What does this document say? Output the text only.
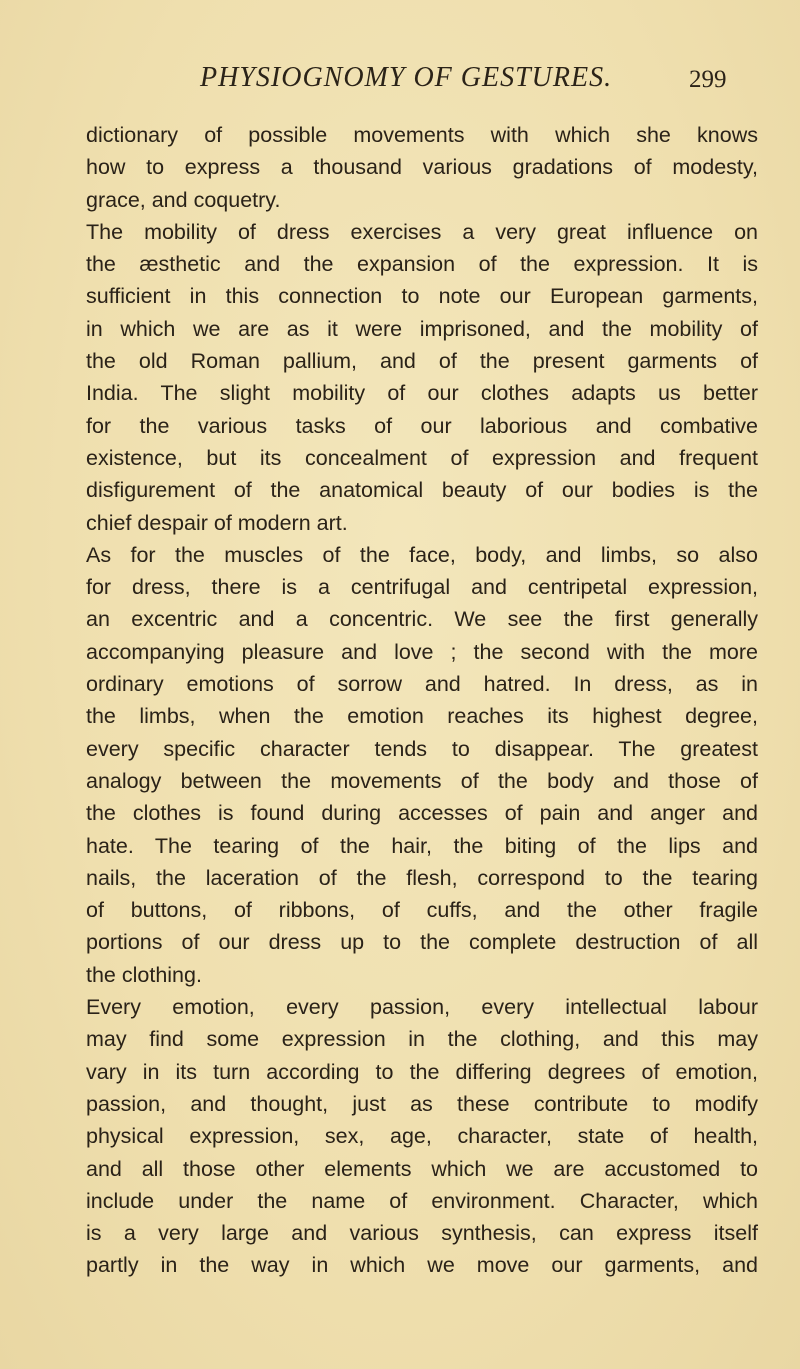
PHYSIOGNOMY OF GESTURES.	299
dictionary of possible movements with which she knows
how to express a thousand various gradations of modesty,
grace, and coquetry.
The mobility of dress exercises a very great influence on
the æsthetic and the expansion of the expression. It is
sufficient in this connection to note our European garments,
in which we are as it were imprisoned, and the mobility of
the old Roman pallium, and of the present garments of
India. The slight mobility of our clothes adapts us better
for the various tasks of our laborious and combative
existence, but its concealment of expression and frequent
disfigurement of the anatomical beauty of our bodies is the
chief despair of modern art.
As for the muscles of the face, body, and limbs, so also
for dress, there is a centrifugal and centripetal expression,
an excentric and a concentric. We see the first generally
accompanying pleasure and love ; the second with the more
ordinary emotions of sorrow and hatred. In dress, as in
the limbs, when the emotion reaches its highest degree,
every specific character tends to disappear. The greatest
analogy between the movements of the body and those of
the clothes is found during accesses of pain and anger and
hate. The tearing of the hair, the biting of the lips and
nails, the laceration of the flesh, correspond to the tearing
of buttons, of ribbons, of cuffs, and the other fragile
portions of our dress up to the complete destruction of all
the clothing.
Every emotion, every passion, every intellectual labour
may find some expression in the clothing, and this may
vary in its turn according to the differing degrees of emotion,
passion, and thought, just as these contribute to modify
physical expression, sex, age, character, state of health,
and all those other elements which we are accustomed to
include under the name of environment. Character, which
is a very large and various synthesis, can express itself
partly in the way in which we move our garments, and
